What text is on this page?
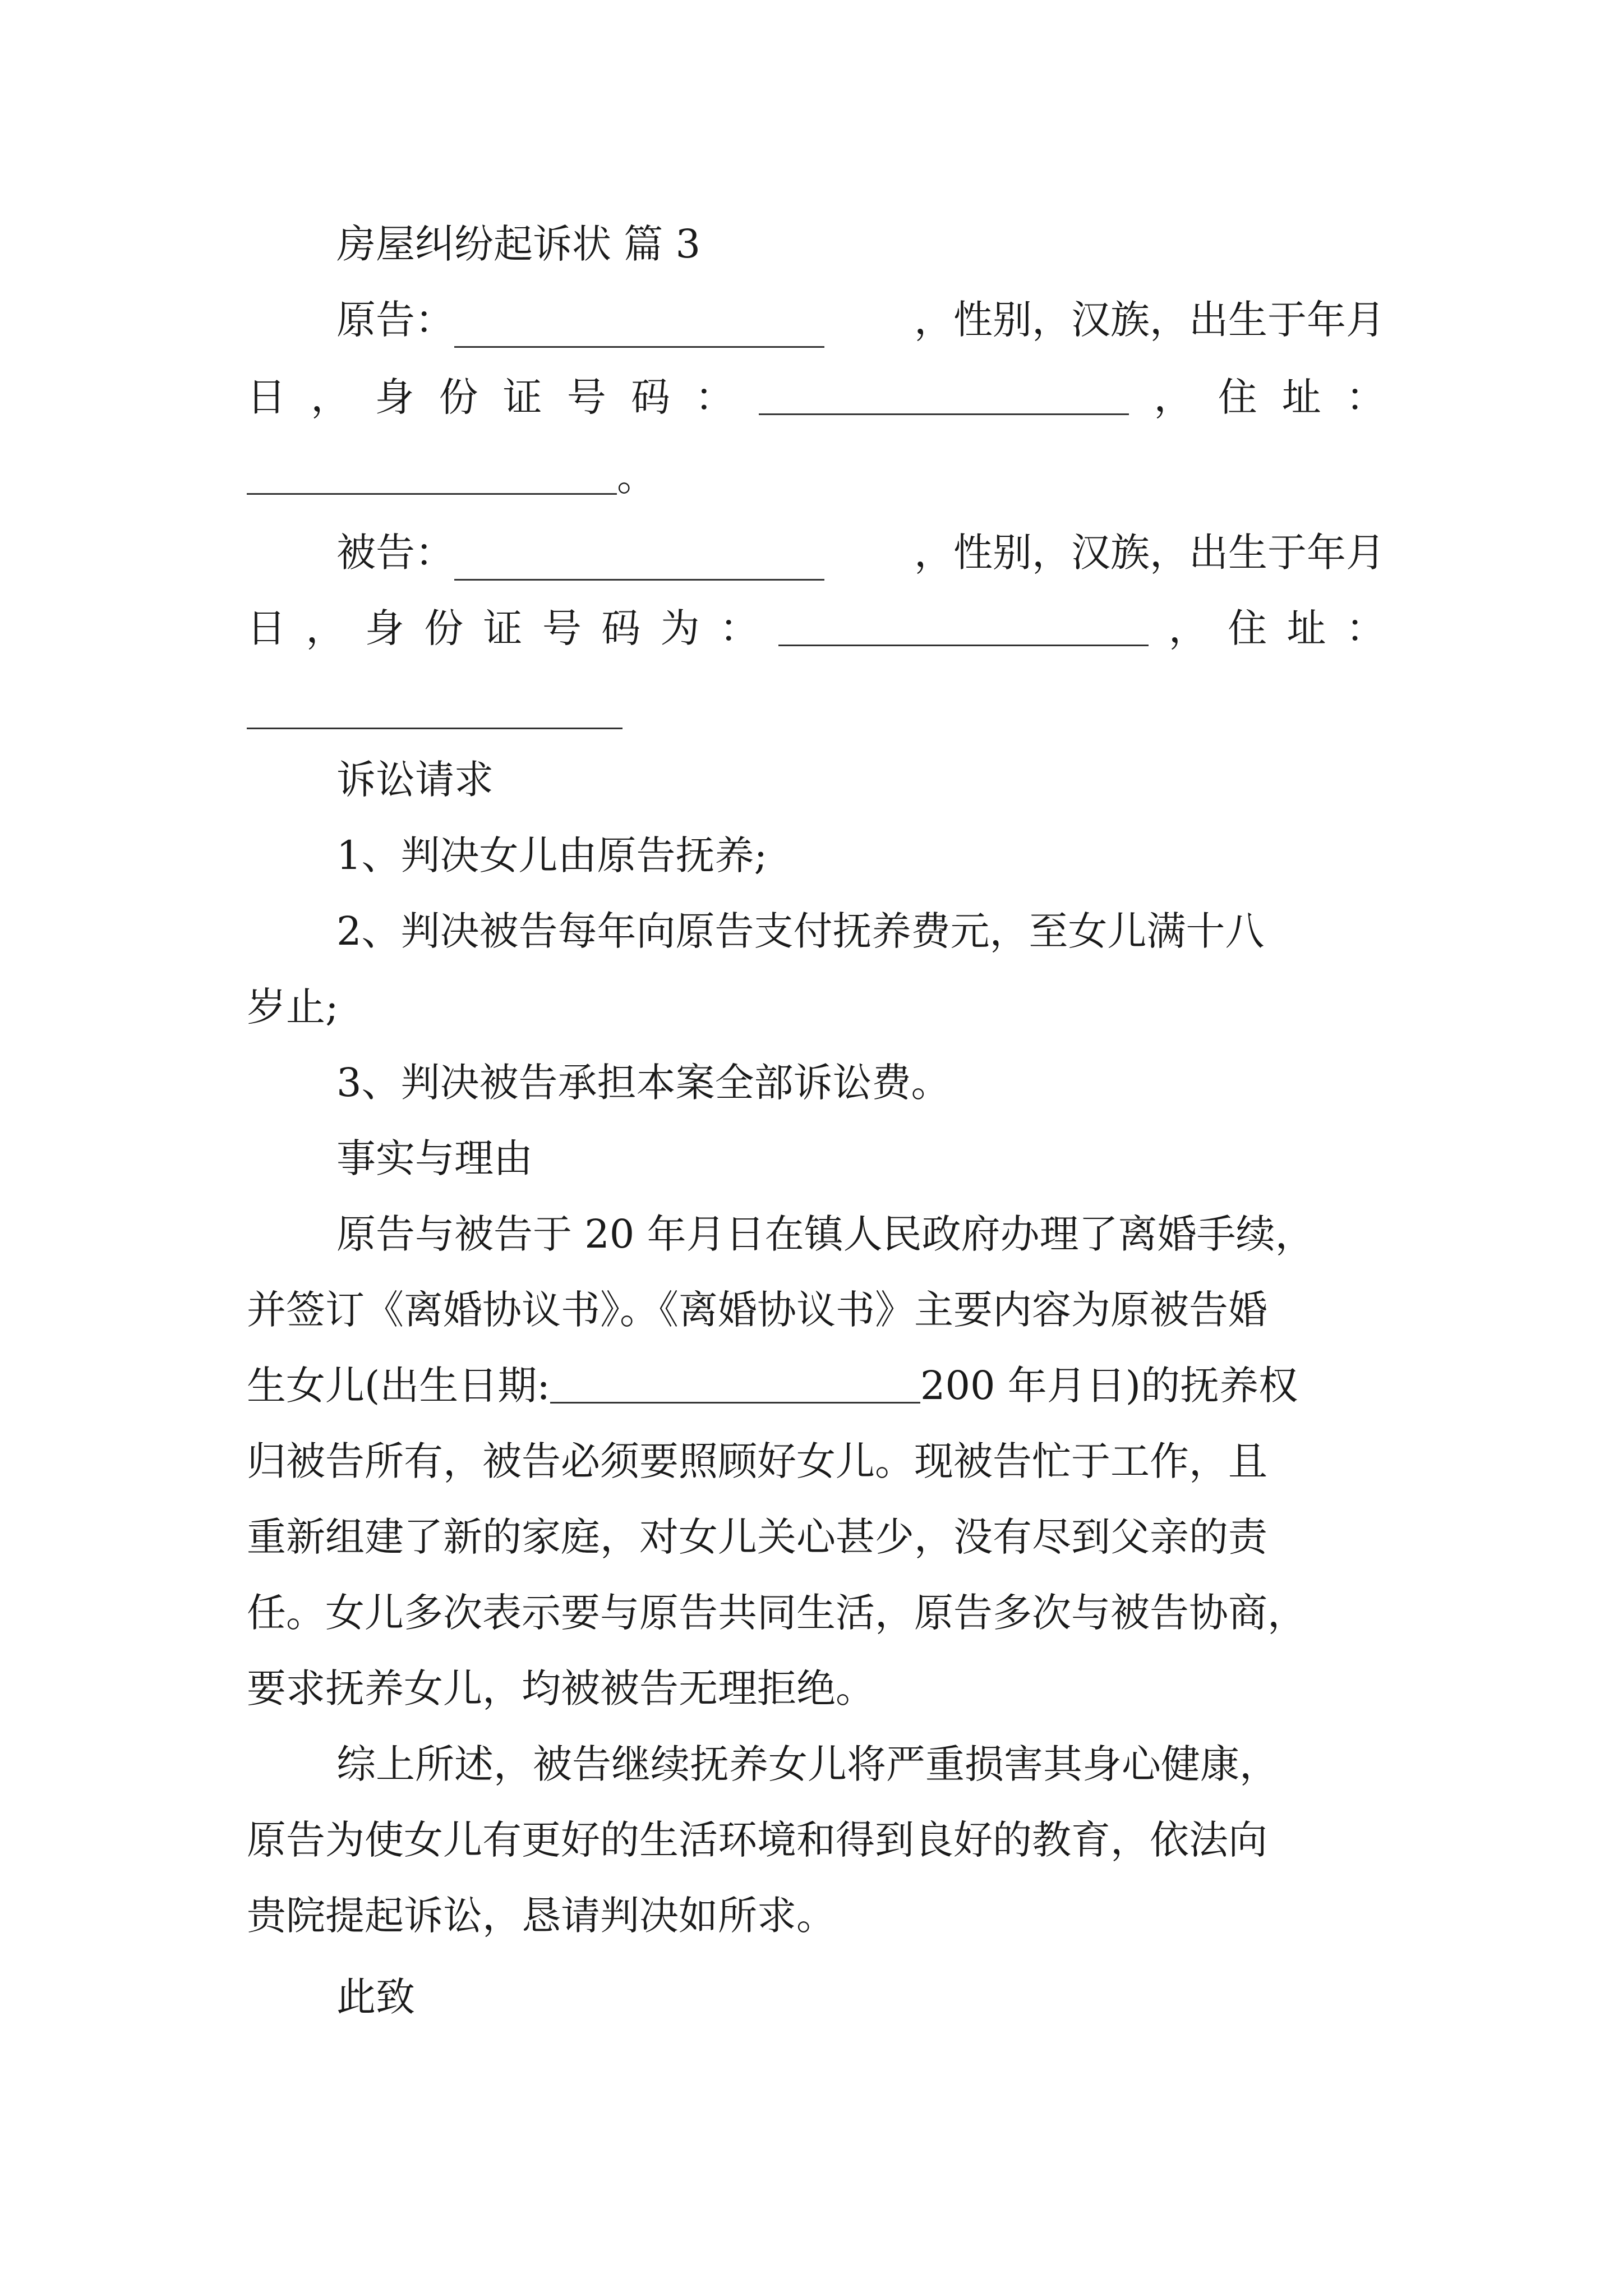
房屋纠纷起诉状 篇 3
原告：	，性别，汉族，出生于年月
日 ， 身 份 证 号 码 ：	， 住 址 ：
。
被告：	，性别，汉族，出生于年月
日 ， 身 份 证 号 码 为 ：	， 住 址 ：
诉讼请求
1、判决女儿由原告抚养;
2、判决被告每年向原告支付抚养费元，至女儿满十八
岁止;
3、判决被告承担本案全部诉讼费。
事实与理由
原告与被告于 20 年月日在镇人民政府办理了离婚手续，
并签订《离婚协议书》。《离婚协议书》主要内容为原被告婚
生女儿(出生日期:	200 年月日)的抚养权
归被告所有，被告必须要照顾好女儿。现被告忙于工作，且
重新组建了新的家庭，对女儿关心甚少，没有尽到父亲的责
任。女儿多次表示要与原告共同生活，原告多次与被告协商，
要求抚养女儿，均被被告无理拒绝。
综上所述，被告继续抚养女儿将严重损害其身心健康，
原告为使女儿有更好的生活环境和得到良好的教育，依法向
贵院提起诉讼，恳请判决如所求。
此致
